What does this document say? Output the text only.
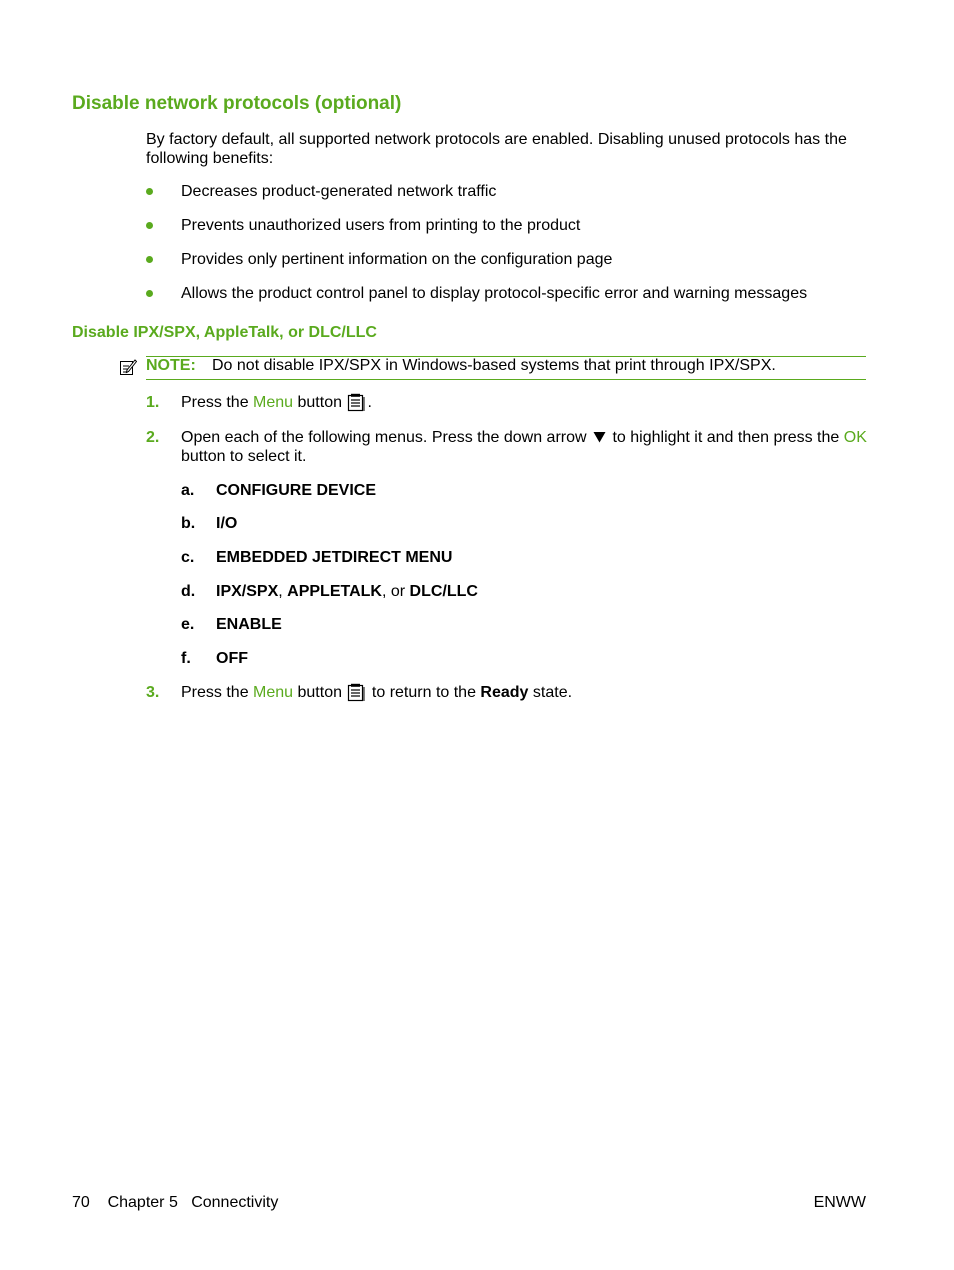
Disable network protocols (optional)
By factory default, all supported network protocols are enabled. Disabling unused protocols has the following benefits:
Decreases product-generated network traffic
Prevents unauthorized users from printing to the product
Provides only pertinent information on the configuration page
Allows the product control panel to display protocol-specific error and warning messages
Disable IPX/SPX, AppleTalk, or DLC/LLC
NOTE: Do not disable IPX/SPX in Windows-based systems that print through IPX/SPX.
1. Press the Menu button .
2. Open each of the following menus. Press the down arrow to highlight it and then press the OK
button to select it.
a. CONFIGURE DEVICE
b. I/O
c. EMBEDDED JETDIRECT MENU
d. IPX/SPX, APPLETALK, or DLC/LLC
e. ENABLE
f. OFF
3. Press the Menu button to return to the Ready state.
70 Chapter 5 Connectivity	ENWW
